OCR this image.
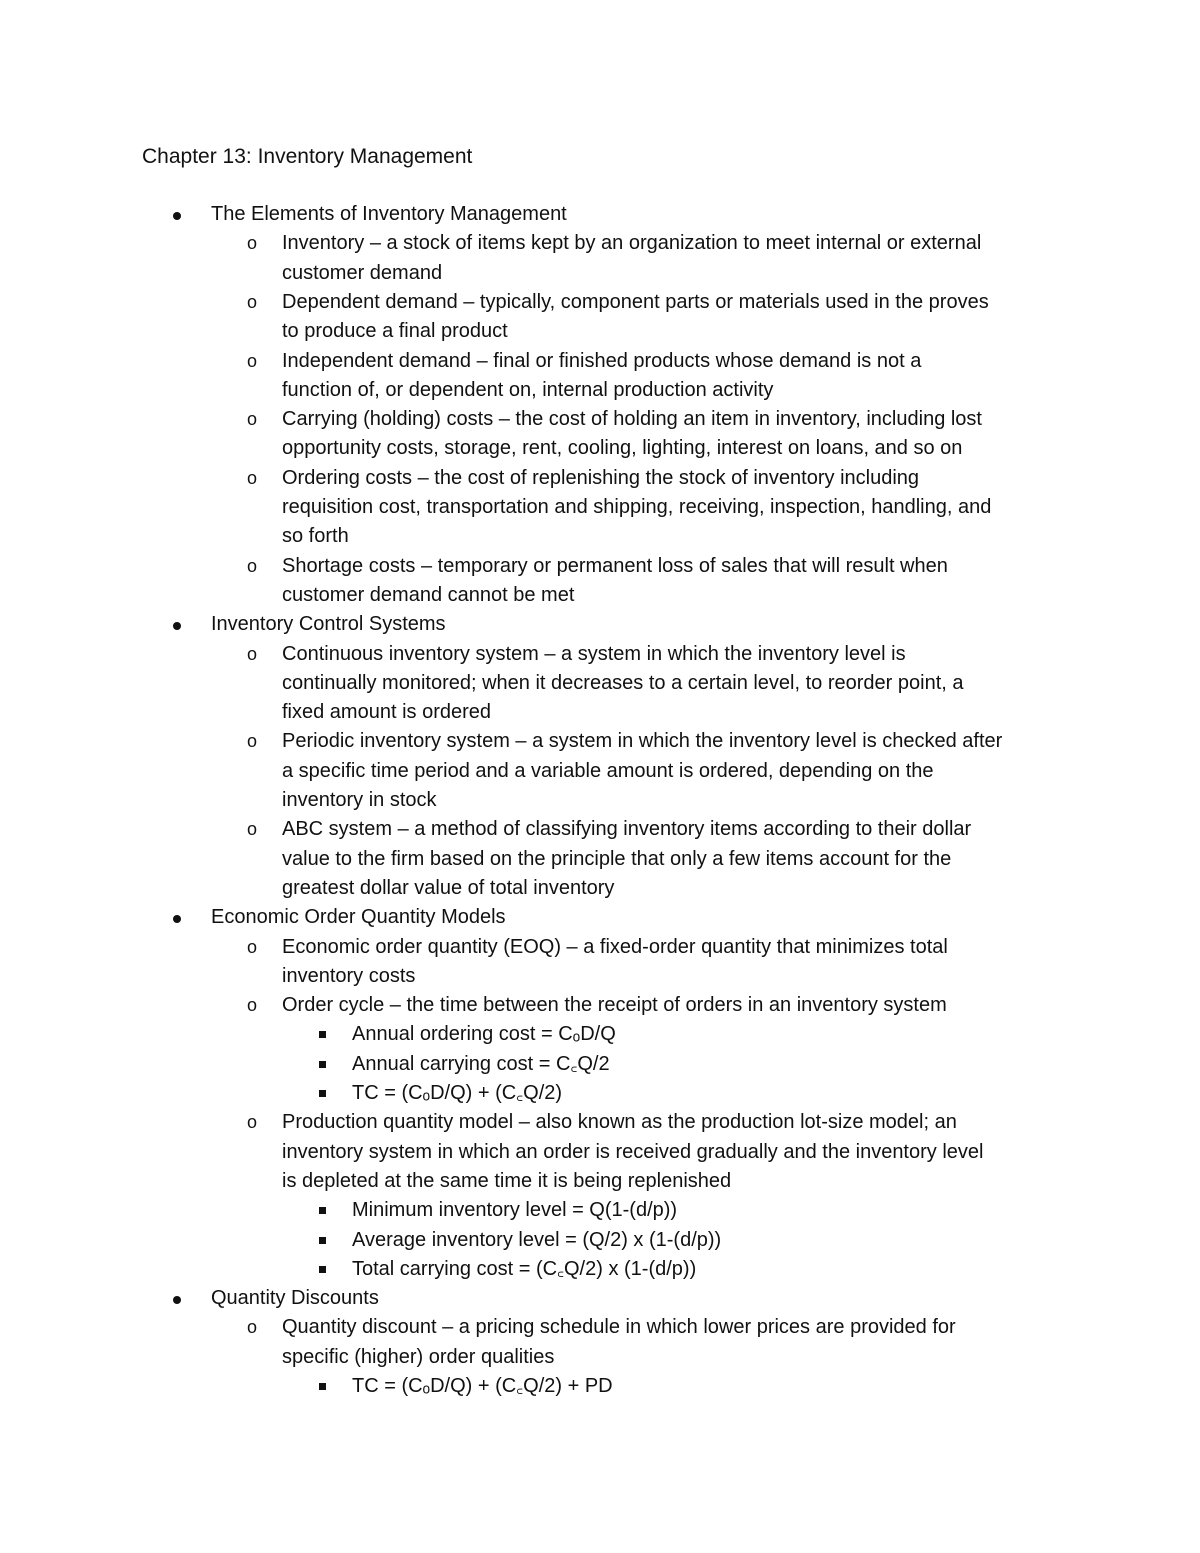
Chapter 13: Inventory Management
The Elements of Inventory Management
o Inventory – a stock of items kept by an organization to meet internal or external
customer demand
o Dependent demand – typically, component parts or materials used in the proves
to produce a final product
o Independent demand – final or finished products whose demand is not a
function of, or dependent on, internal production activity
o Carrying (holding) costs – the cost of holding an item in inventory, including lost
opportunity costs, storage, rent, cooling, lighting, interest on loans, and so on
o Ordering costs – the cost of replenishing the stock of inventory including
requisition cost, transportation and shipping, receiving, inspection, handling, and
so forth
o Shortage costs – temporary or permanent loss of sales that will result when
customer demand cannot be met
Inventory Control Systems
o Continuous inventory system – a system in which the inventory level is
continually monitored; when it decreases to a certain level, to reorder point, a
fixed amount is ordered
o Periodic inventory system – a system in which the inventory level is checked after
a specific time period and a variable amount is ordered, depending on the
inventory in stock
o ABC system – a method of classifying inventory items according to their dollar
value to the firm based on the principle that only a few items account for the
greatest dollar value of total inventory
Economic Order Quantity Models
o Economic order quantity (EOQ) – a fixed-order quantity that minimizes total
inventory costs
o Order cycle – the time between the receipt of orders in an inventory system
Annual ordering cost = CₒD/Q
Annual carrying cost = C꜀Q/2
TC = (CₒD/Q) + (C꜀Q/2)
o Production quantity model – also known as the production lot-size model; an
inventory system in which an order is received gradually and the inventory level
is depleted at the same time it is being replenished
Minimum inventory level = Q(1-(d/p))
Average inventory level = (Q/2) x (1-(d/p))
Total carrying cost = (C꜀Q/2) x (1-(d/p))
Quantity Discounts
o Quantity discount – a pricing schedule in which lower prices are provided for
specific (higher) order qualities
TC = (CₒD/Q) + (C꜀Q/2) + PD
